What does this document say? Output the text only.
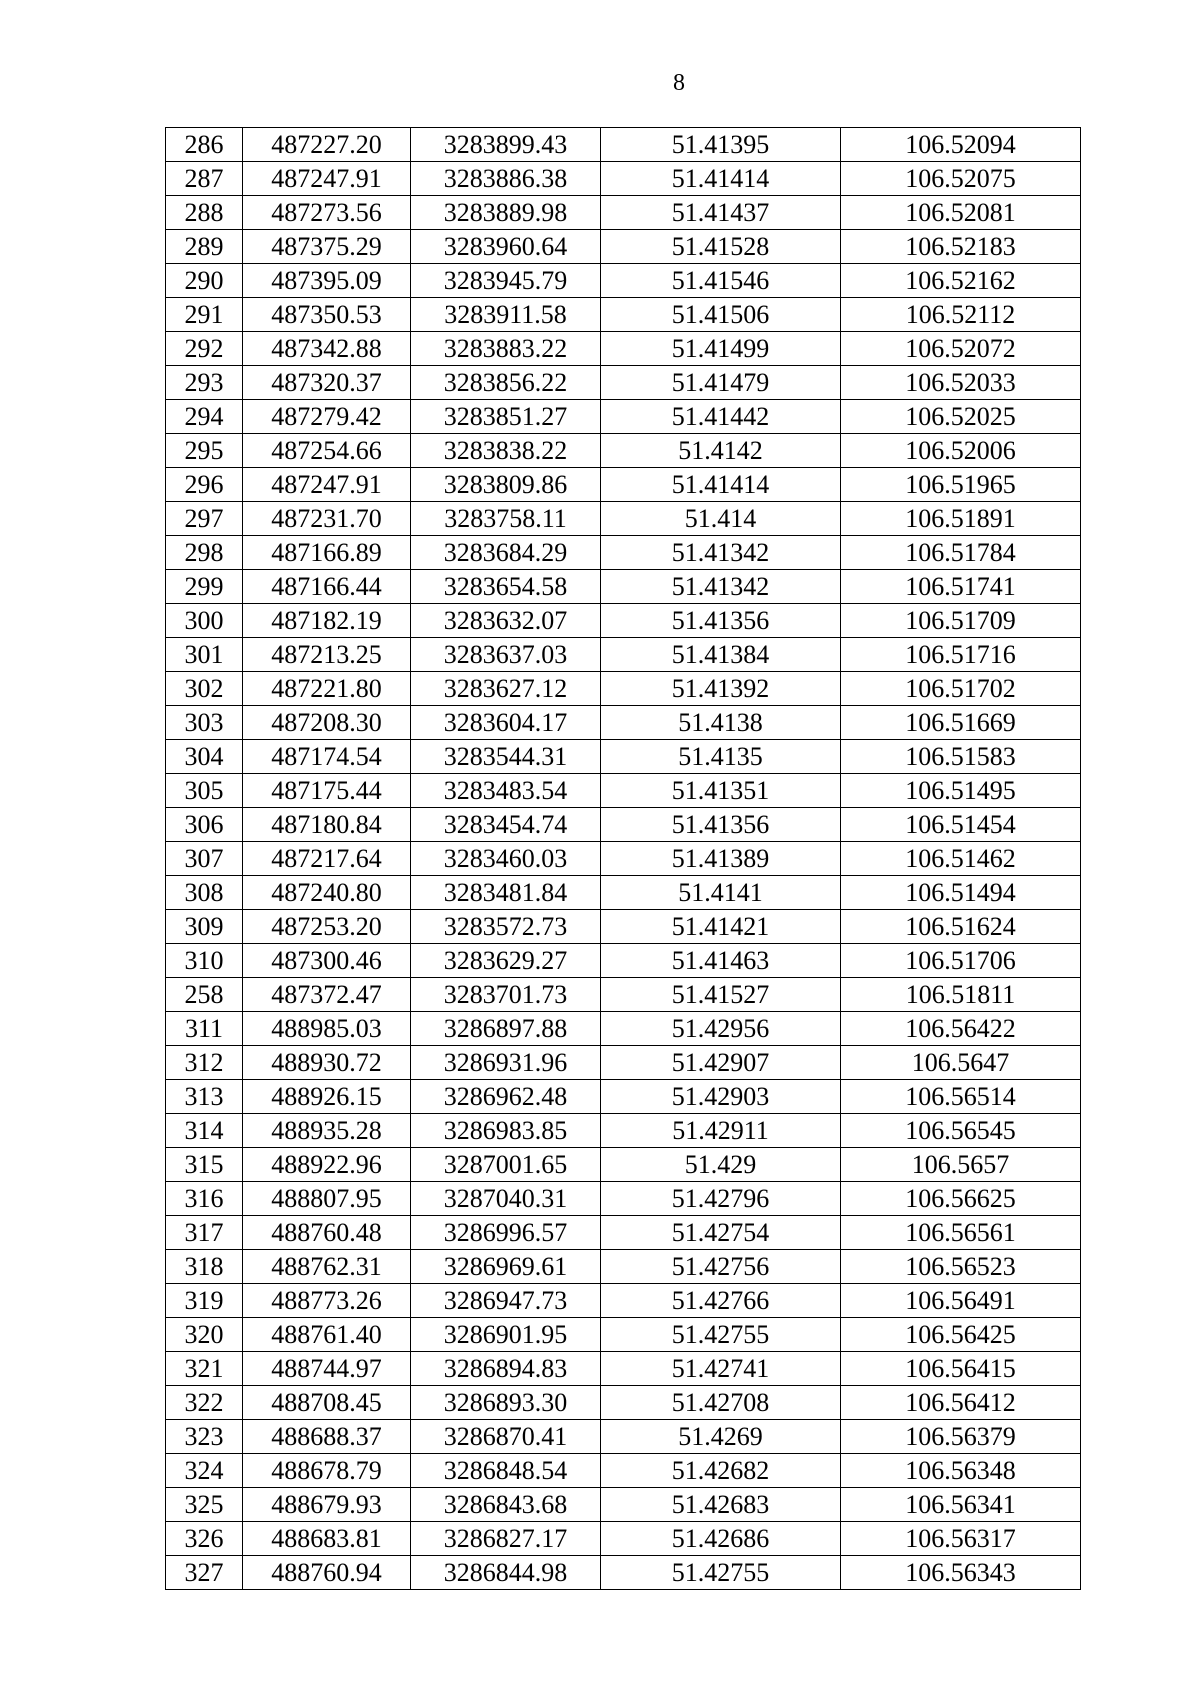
8
286	487227.20	3283899.43	51.41395	106.52094
287	487247.91	3283886.38	51.41414	106.52075
288	487273.56	3283889.98	51.41437	106.52081
289	487375.29	3283960.64	51.41528	106.52183
290	487395.09	3283945.79	51.41546	106.52162
291	487350.53	3283911.58	51.41506	106.52112
292	487342.88	3283883.22	51.41499	106.52072
293	487320.37	3283856.22	51.41479	106.52033
294	487279.42	3283851.27	51.41442	106.52025
295	487254.66	3283838.22	51.4142	106.52006
296	487247.91	3283809.86	51.41414	106.51965
297	487231.70	3283758.11	51.414	106.51891
298	487166.89	3283684.29	51.41342	106.51784
299	487166.44	3283654.58	51.41342	106.51741
300	487182.19	3283632.07	51.41356	106.51709
301	487213.25	3283637.03	51.41384	106.51716
302	487221.80	3283627.12	51.41392	106.51702
303	487208.30	3283604.17	51.4138	106.51669
304	487174.54	3283544.31	51.4135	106.51583
305	487175.44	3283483.54	51.41351	106.51495
306	487180.84	3283454.74	51.41356	106.51454
307	487217.64	3283460.03	51.41389	106.51462
308	487240.80	3283481.84	51.4141	106.51494
309	487253.20	3283572.73	51.41421	106.51624
310	487300.46	3283629.27	51.41463	106.51706
258	487372.47	3283701.73	51.41527	106.51811
311	488985.03	3286897.88	51.42956	106.56422
312	488930.72	3286931.96	51.42907	106.5647
313	488926.15	3286962.48	51.42903	106.56514
314	488935.28	3286983.85	51.42911	106.56545
315	488922.96	3287001.65	51.429	106.5657
316	488807.95	3287040.31	51.42796	106.56625
317	488760.48	3286996.57	51.42754	106.56561
318	488762.31	3286969.61	51.42756	106.56523
319	488773.26	3286947.73	51.42766	106.56491
320	488761.40	3286901.95	51.42755	106.56425
321	488744.97	3286894.83	51.42741	106.56415
322	488708.45	3286893.30	51.42708	106.56412
323	488688.37	3286870.41	51.4269	106.56379
324	488678.79	3286848.54	51.42682	106.56348
325	488679.93	3286843.68	51.42683	106.56341
326	488683.81	3286827.17	51.42686	106.56317
327	488760.94	3286844.98	51.42755	106.56343
